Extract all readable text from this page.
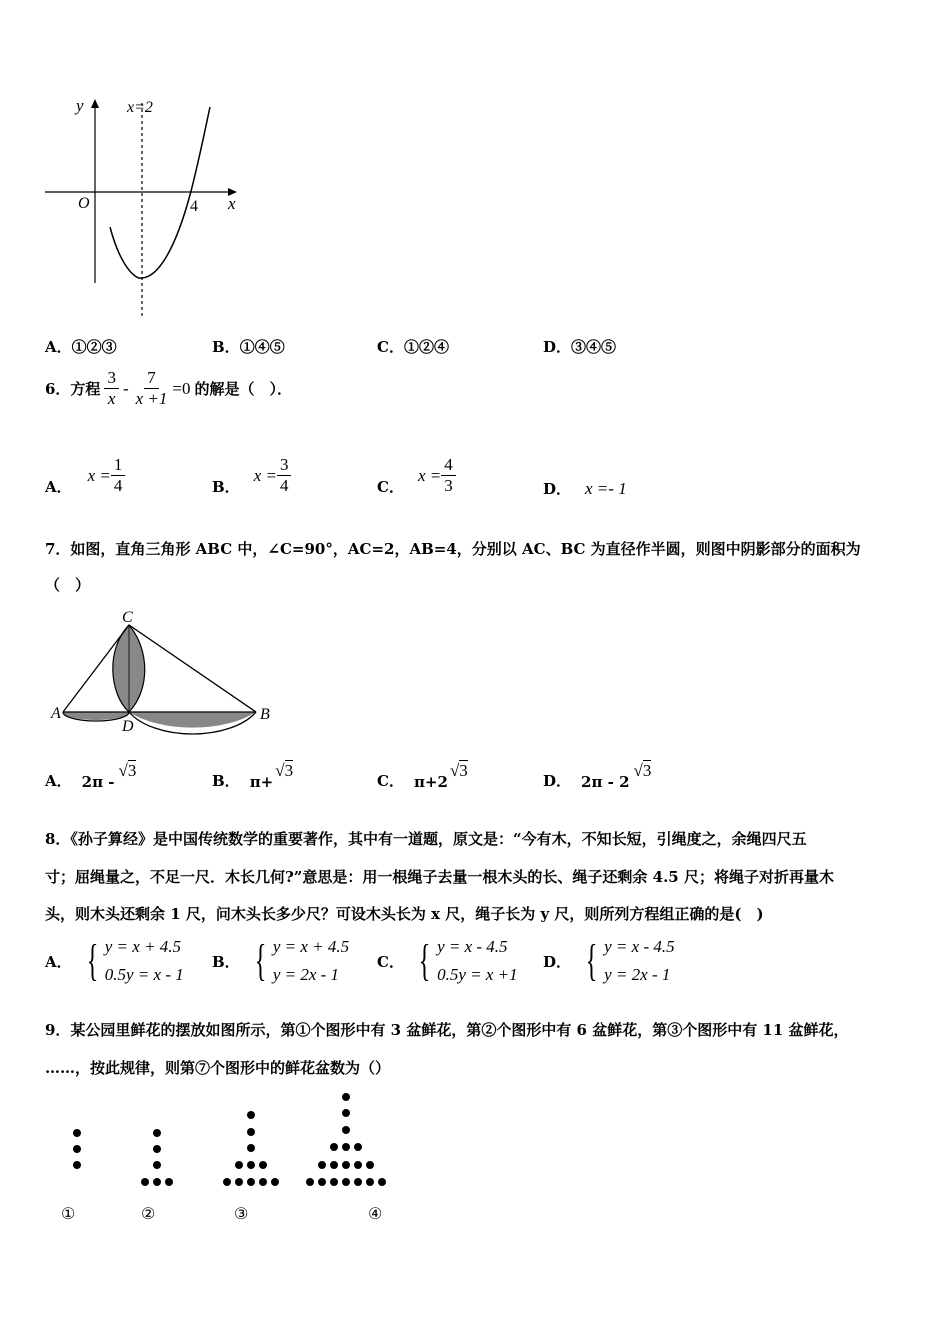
y
x
O
x=2
4
A．①②③	B．①④⑤	C．①②④	D．③④⑤
6．方程 $\frac{3}{x} - \frac{7}{x +1} =0$ 的解是（　）．
A．
$x = \frac{1}{4}$	B．
$x = \frac{3}{4}$	C．
$x = \frac{4}{3}$	D． x =- 1
7．如图，直角三角形 ABC 中，∠C=90°，AC=2，AB=4，分别以 AC、BC 为直径作半圆，则图中阴影部分的面积为
（　）
C
A	B
D
A． 2π -
√3
B． π+
√3
C． π+2
√3
D． 2π - 2
√3
8．《孙子算经》是中国传统数学的重要著作，其中有一道题，原文是：“今有木，不知长短，引绳度之，余绳四尺五
寸；屈绳量之，不足一尺．木长几何?”意思是：用一根绳子去量一根木头的长、绳子还剩余 4.5 尺；将绳子对折再量木
头，则木头还剩余 1 尺，问木头长多少尺？可设木头长为 x 尺，绳子长为 y 尺，则所列方程组正确的是(　)
A． { y = x + 4.5
0.5y = x - 1
B． { y = x + 4.5
y = 2x - 1
C． { y = x - 4.5
0.5y = x +1
D． { y = x - 4.5
y = 2x - 1
9．某公园里鲜花的摆放如图所示，第①个图形中有 3 盆鲜花，第②个图形中有 6 盆鲜花，第③个图形中有 11 盆鲜花，
……，按此规律，则第⑦个图形中的鲜花盆数为（）
①	②	③	④
